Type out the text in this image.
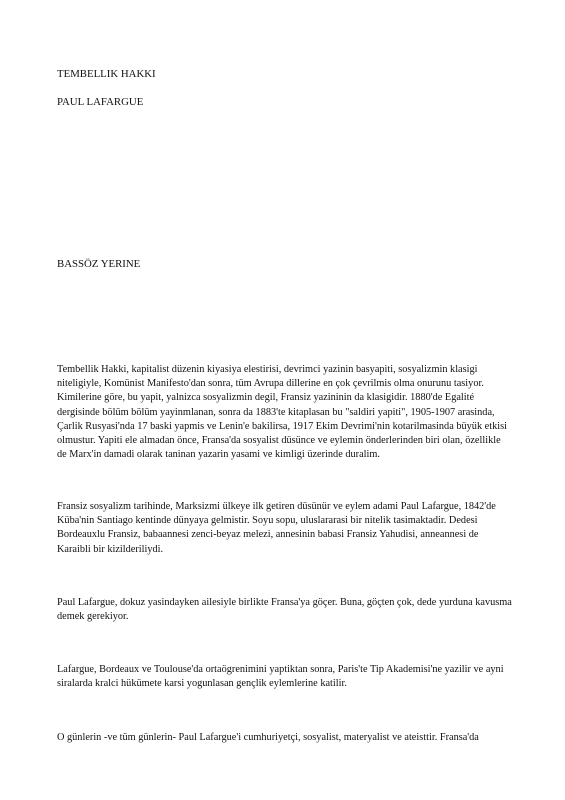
TEMBELLIK HAKKI

PAUL LAFARGUE

BASSÖZ YERINE

Tembellik Hakki, kapitalist düzenin kiyasiya elestirisi, devrimci yazinin basyapiti, sosyalizmin klasigi niteligiyle, Komünist Manifesto'dan sonra, tüm Avrupa dillerine en çok çevrilmis olma onurunu tasiyor. Kimilerine göre, bu yapit, yalnizca sosyalizmin degil, Fransiz yazininin da klasigidir. 1880'de Egalité dergisinde bölüm bölüm yayinmlanan, sonra da 1883'te kitaplasan bu "saldiri yapiti", 1905-1907 arasinda, Çarlik Rusyasi'nda 17 baski yapmis ve Lenin'e bakilirsa, 1917 Ekim Devrimi'nin kotarilmasinda büyük etkisi olmustur. Yapiti ele almadan önce, Fransa'da sosyalist düsünce ve eylemin önderlerinden biri olan, özellikle de Marx'in damadi olarak taninan yazarin yasami ve kimligi üzerinde duralim.

Fransiz sosyalizm tarihinde, Marksizmi ülkeye ilk getiren düsünür ve eylem adami Paul Lafargue, 1842'de Küba'nin Santiago kentinde dünyaya gelmistir. Soyu sopu, uluslararasi bir nitelik tasimaktadir. Dedesi Bordeauxlu Fransiz, babaannesi zenci-beyaz melezi, annesinin babasi Fransiz Yahudisi, anneannesi de Karaibli bir kizilderiliydi.

Paul Lafargue, dokuz yasindayken ailesiyle birlikte Fransa'ya göçer. Buna, göçten çok, dede yurduna kavusma demek gerekiyor.

Lafargue, Bordeaux ve Toulouse'da ortaögrenimini yaptiktan sonra, Paris'te Tip Akademisi'ne yazilir ve ayni siralarda kralci hükümete karsi yogunlasan gençlik eylemlerine katilir.

O günlerin -ve tüm günlerin- Paul Lafargue'i cumhuriyetçi, sosyalist, materyalist ve ateisttir. Fransa'da
